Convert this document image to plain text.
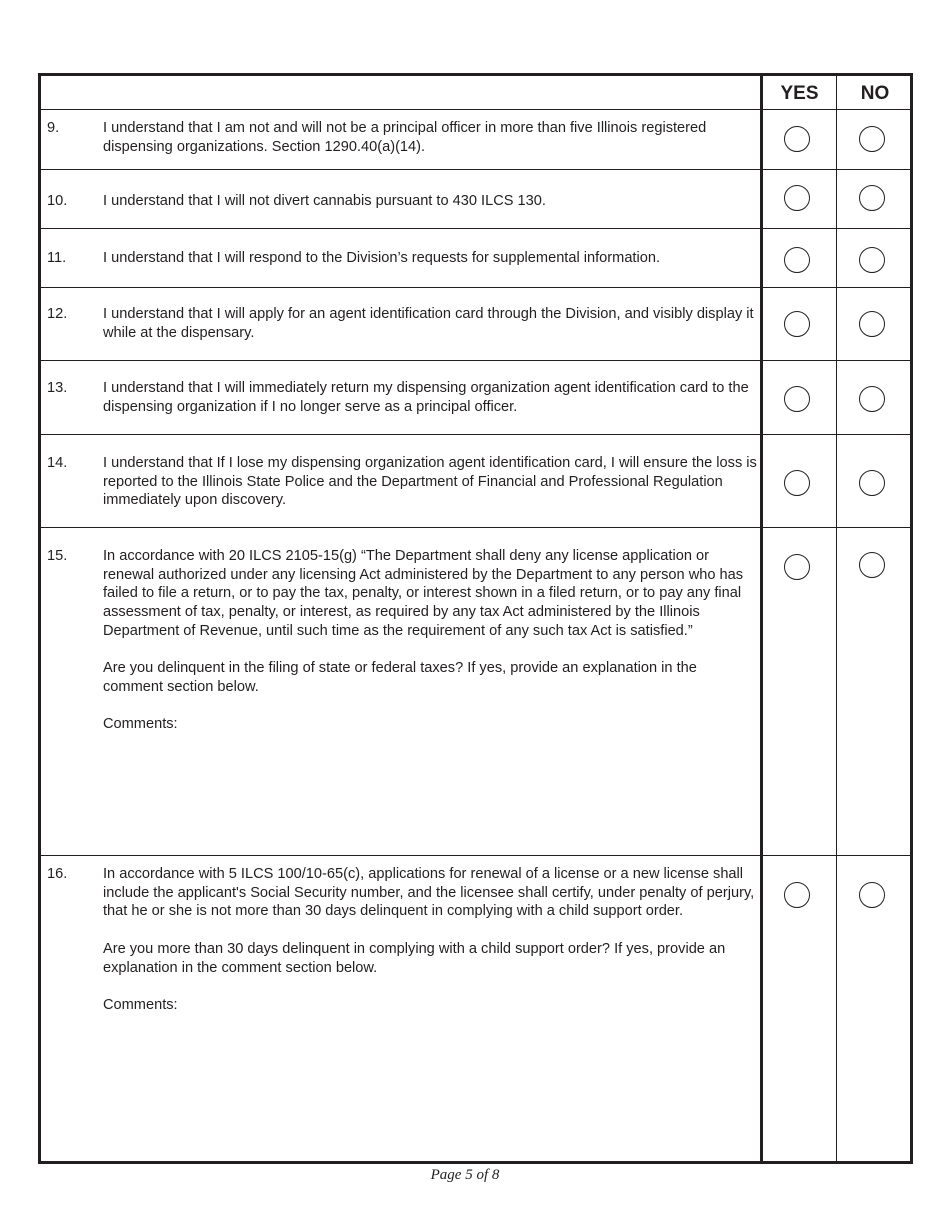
YES	NO
9.	I understand that I am not and will not be a principal officer in more than five Illinois registered dispensing organizations. Section 1290.40(a)(14).

10. I understand that I will not divert cannabis pursuant to 430 ILCS 130.

11.	I understand that I will respond to the Division’s requests for supplemental information.

12. I understand that I will apply for an agent identification card through the Division, and visibly display it while at the dispensary.

13. I understand that I will immediately return my dispensing organization agent identification card to the dispensing organization if I no longer serve as a principal officer.

14. I understand that If I lose my dispensing organization agent identification card, I will ensure the loss is reported to the Illinois State Police and the Department of Financial and Professional Regulation immediately upon discovery.

15. In accordance with 20 ILCS 2105-15(g) “The Department shall deny any license application or renewal authorized under any licensing Act administered by the Department to any person who has failed to file a return, or to pay the tax, penalty, or interest shown in a filed return, or to pay any final assessment of tax, penalty, or interest, as required by any tax Act administered by the Illinois Department of Revenue, until such time as the requirement of any such tax Act is satisfied.”

Are you delinquent in the filing of state or federal taxes? If yes, provide an explanation in the comment section below.

Comments:

16. In accordance with 5 ILCS 100/10-65(c), applications for renewal of a license or a new license shall include the applicant's Social Security number, and the licensee shall certify, under penalty of perjury, that he or she is not more than 30 days delinquent in complying with a child support order.

Are you more than 30 days delinquent in complying with a child support order? If yes, provide an explanation in the comment section below.

Comments:

Page 5 of 8
